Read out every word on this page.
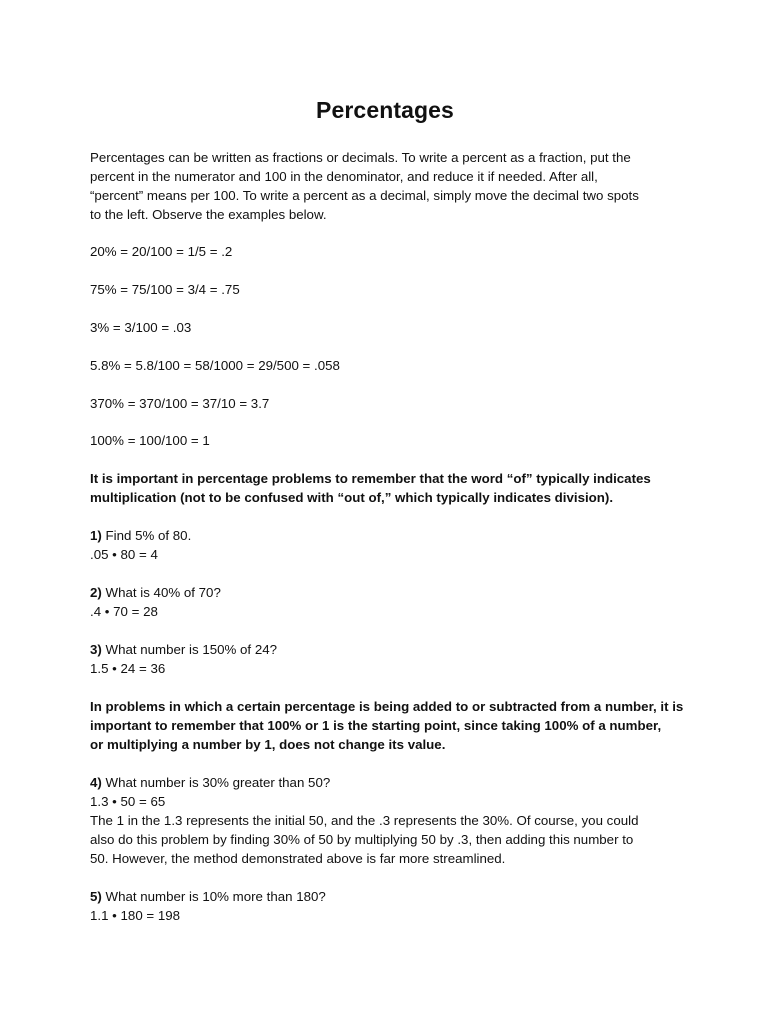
Percentages
Percentages can be written as fractions or decimals. To write a percent as a fraction, put the
percent in the numerator and 100 in the denominator, and reduce it if needed. After all,
“percent” means per 100. To write a percent as a decimal, simply move the decimal two spots
to the left. Observe the examples below.
20% = 20/100 = 1/5 = .2
75% = 75/100 = 3/4 = .75
3% = 3/100 = .03
5.8% = 5.8/100 = 58/1000 = 29/500 = .058
370% = 370/100 = 37/10 = 3.7
100% = 100/100 = 1
It is important in percentage problems to remember that the word “of” typically indicates
multiplication (not to be confused with “out of,” which typically indicates division).
1) Find 5% of 80.
.05 • 80 = 4
2) What is 40% of 70?
.4 • 70 = 28
3) What number is 150% of 24?
1.5 • 24 = 36
In problems in which a certain percentage is being added to or subtracted from a number, it is
important to remember that 100% or 1 is the starting point, since taking 100% of a number,
or multiplying a number by 1, does not change its value.
4) What number is 30% greater than 50?
1.3 • 50 = 65
The 1 in the 1.3 represents the initial 50, and the .3 represents the 30%. Of course, you could
also do this problem by finding 30% of 50 by multiplying 50 by .3, then adding this number to
50. However, the method demonstrated above is far more streamlined.
5) What number is 10% more than 180?
1.1 • 180 = 198
